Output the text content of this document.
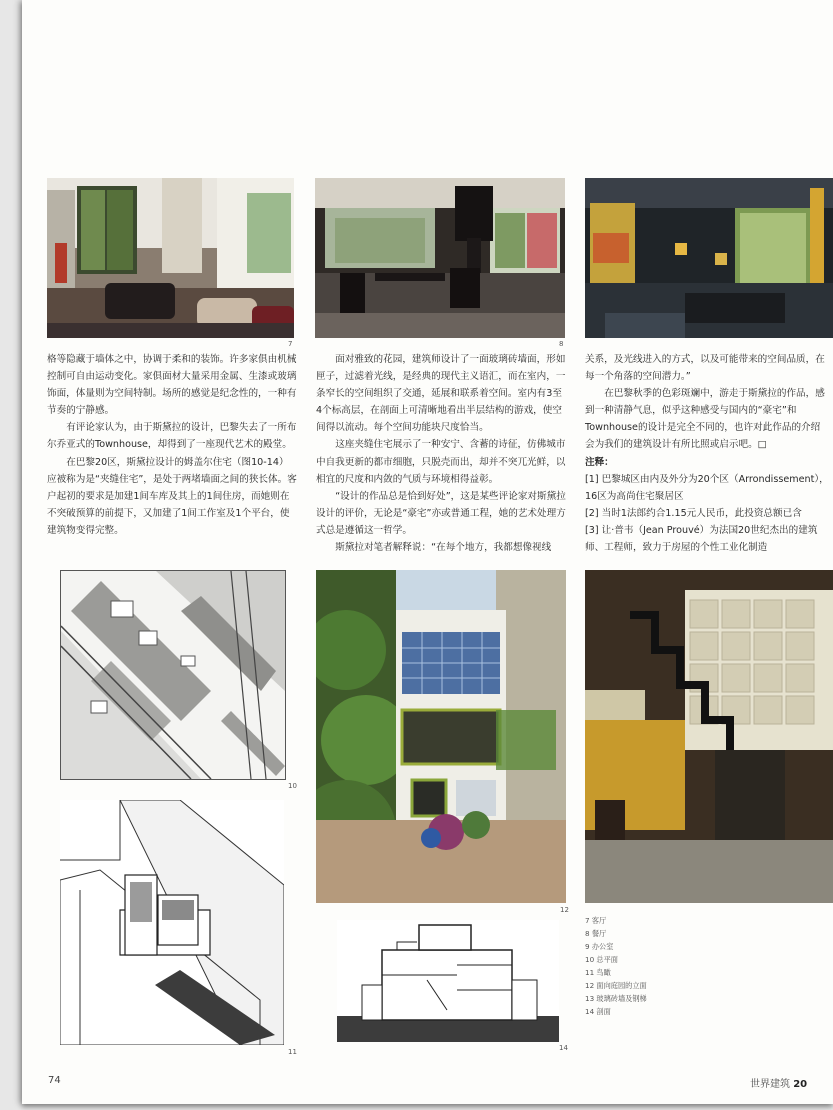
7	8

格等隐藏于墙体之中，协调于柔和的装饰。许多家俱由机械控制可自由运动变化。家俱面材大量采用金属、生漆或玻璃饰面，体量则为空间特制。场所的感觉是纪念性的，一种有节奏的宁静感。

有评论家认为，由于斯黛拉的设计，巴黎失去了一所布尔乔亚式的Townhouse，却得到了一座现代艺术的殿堂。

在巴黎20区，斯黛拉设计的姆盖尔住宅（图10-14）应被称为是“夹缝住宅”，是处于两堵墙面之间的狭长体。客户起初的要求是加建1间车库及其上的1间住房，而她则在不突破预算的前提下，又加建了1间工作室及1个平台，使建筑物变得完整。

面对雅致的花园，建筑师设计了一面玻璃砖墙面，形如匣子，过滤着光线，是经典的现代主义语汇，而在室内，一条窄长的空间组织了交通，延展和联系着空间。室内有3至4个标高层，在剖面上可清晰地看出半层结构的游戏，使空间得以流动。每个空间功能块尺度恰当。

这座夹缝住宅展示了一种安宁、含蓄的诗征，仿佛城市中自我更新的都市细胞，只脱壳而出，却并不突兀光鲜，以相宜的尺度和内敛的气质与环境相得益彰。

“设计的作品总是恰到好处”，这是某些评论家对斯黛拉设计的评价，无论是“豪宅”亦或普通工程，她的艺术处理方式总是遵循这一哲学。

斯黛拉对笔者解释说：“在每个地方，我都想像视线

关系，及光线进入的方式，以及可能带来的空间品质，在每一个角落的空间潜力。”

在巴黎秋季的色彩斑斓中，游走于斯黛拉的作品，感到一种清静气息，似乎这种感受与国内的“豪宅”和Townhouse的设计是完全不同的，也许对此作品的介绍会为我们的建筑设计有所比照或启示吧。□

注释：

[1] 巴黎城区由内及外分为20个区（Arrondissement），16区为高尚住宅聚居区

[2] 当时1法郎约合1.15元人民币，此投资总额已含

[3] 让·普韦（Jean Prouvé）为法国20世纪杰出的建筑师、工程师，致力于房屋的个性工业化制造

10
11
12
14
7 客厅
8 餐厅
9 办公室
10 总平面
11 鸟瞰
12 面向庭园的立面
13 玻璃砖墙及钢梯
14 剖面
74	世界建筑 20
